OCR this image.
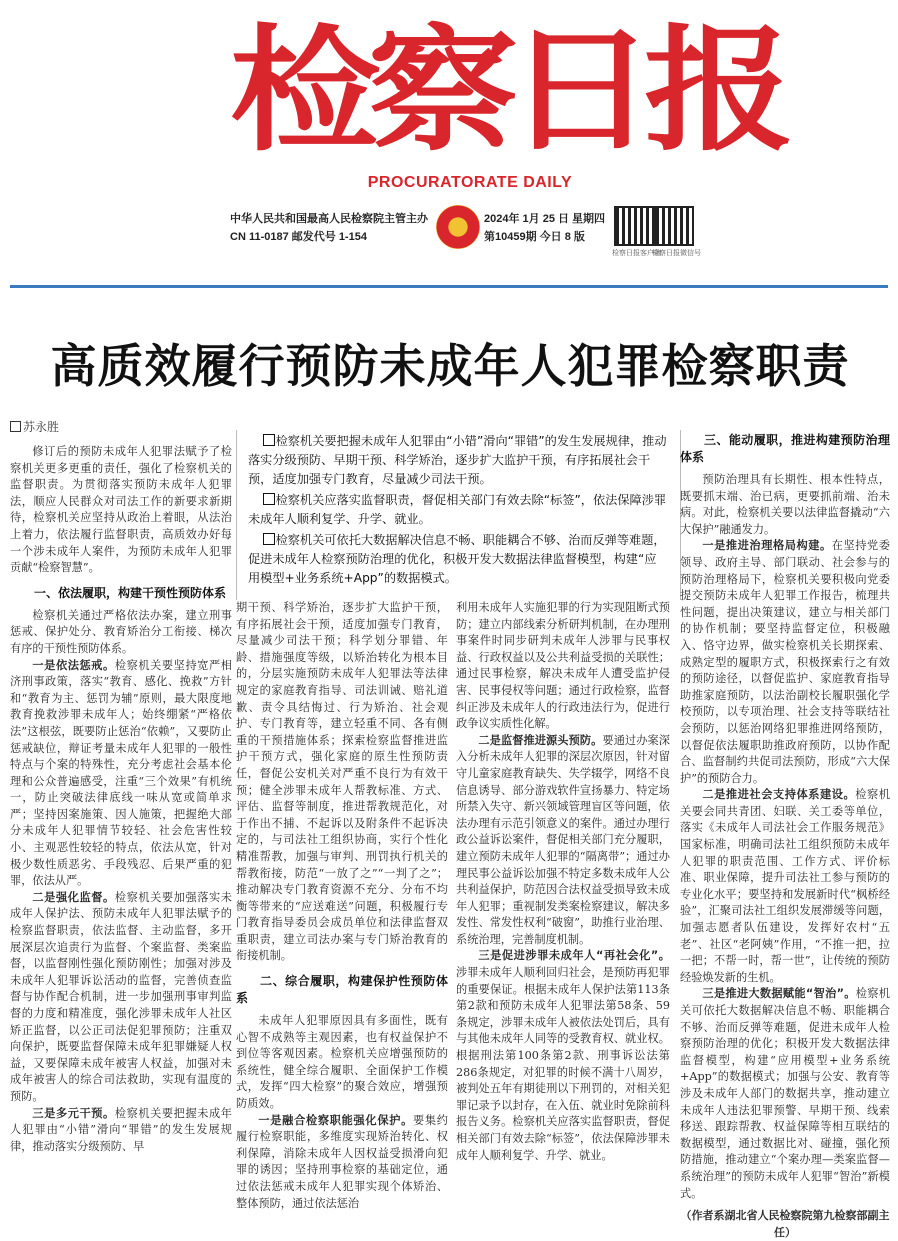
检察日报
PROCURATORATE DAILY
中华人民共和国最高人民检察院主管主办
CN 11-0187 邮发代号 1-154
2024年 1月 25 日 星期四
第10459期 今日 8 版
检察日报客户端
检察日报微信号
高质效履行预防未成年人犯罪检察职责
苏永胜

检察机关要把握未成年人犯罪由“小错”滑向“罪错”的发生发展规律，推动落实分级预防、早期干预、科学矫治，逐步扩大监护干预，有序拓展社会干预，适度加强专门教育，尽量减少司法干预。

检察机关应落实监督职责，督促相关部门有效去除“标签”，依法保障涉罪未成年人顺利复学、升学、就业。

检察机关可依托大数据解决信息不畅、职能耦合不够、治而反弹等难题，促进未成年人检察预防治理的优化，积极开发大数据法律监督模型，构建“应用模型+业务系统+App”的数据模式。

修订后的预防未成年人犯罪法赋予了检察机关更多更重的责任，强化了检察机关的监督职责。为贯彻落实预防未成年人犯罪法，顺应人民群众对司法工作的新要求新期待，检察机关应坚持从政治上着眼，从法治上着力，依法履行监督职责，高质效办好每一个涉未成年人案件，为预防未成年人犯罪贡献“检察智慧”。

一、依法履职，构建干预性预防体系

检察机关通过严格依法办案，建立刑事惩戒、保护处分、教育矫治分工衔接、梯次有序的干预性预防体系。

一是依法惩戒。检察机关要坚持宽严相济刑事政策，落实“教育、感化、挽救”方针和“教育为主、惩罚为辅”原则，最大限度地教育挽救涉罪未成年人；始终绷紧“严格依法”这根弦，既要防止惩治“依赖”，又要防止惩戒缺位，辩证考量未成年人犯罪的一般性特点与个案的特殊性，充分考虑社会基本伦理和公众普遍感受，注重“三个效果”有机统一，防止突破法律底线一味从宽或简单求严；坚持因案施策、因人施策，把握绝大部分未成年人犯罪情节较轻、社会危害性较小、主观恶性较轻的特点，依法从宽，针对极少数性质恶劣、手段残忍、后果严重的犯罪，依法从严。

二是强化监督。检察机关要加强落实未成年人保护法、预防未成年人犯罪法赋予的检察监督职责，依法监督、主动监督，多开展深层次追责行为监督、个案监督、类案监督，以监督刚性强化预防刚性；加强对涉及未成年人犯罪诉讼活动的监督，完善侦查监督与协作配合机制，进一步加强刑事审判监督的力度和精准度，强化涉罪未成年人社区矫正监督，以公正司法促犯罪预防；注重双向保护，既要监督保障未成年犯罪嫌疑人权益，又要保障未成年被害人权益，加强对未成年被害人的综合司法救助，实现有温度的预防。

三是多元干预。检察机关要把握未成年人犯罪由“小错”滑向“罪错”的发生发展规律，推动落实分级预防、早

期干预、科学矫治，逐步扩大监护干预，有序拓展社会干预，适度加强专门教育，尽量减少司法干预；科学划分罪错、年龄、措施强度等级，以矫治转化为根本目的，分层实施预防未成年人犯罪法等法律规定的家庭教育指导、司法训诫、赔礼道歉、责令具结悔过、行为矫治、社会观护、专门教育等，建立轻重不同、各有侧重的干预措施体系；探索检察监督推进监护干预方式，强化家庭的原生性预防责任，督促公安机关对严重不良行为有效干预；健全涉罪未成年人帮教标准、方式、评估、监督等制度，推进帮教规范化，对于作出不捕、不起诉以及附条件不起诉决定的，与司法社工组织协商，实行个性化精准帮教，加强与审判、刑罚执行机关的帮教衔接，防范“一放了之”“一判了之”；推动解决专门教育资源不充分、分布不均衡等带来的“应送难送”问题，积极履行专门教育指导委员会成员单位和法律监督双重职责，建立司法办案与专门矫治教育的衔接机制。

二、综合履职，构建保护性预防体系

未成年人犯罪原因具有多面性，既有心智不成熟等主观因素，也有权益保护不到位等客观因素。检察机关应增强预防的系统性，健全综合履职、全面保护工作模式，发挥“四大检察”的聚合效应，增强预防质效。

一是融合检察职能强化保护。要集约履行检察职能，多维度实现矫治转化、权利保障，消除未成年人因权益受损滑向犯罪的诱因；坚持刑事检察的基础定位，通过依法惩戒未成年人犯罪实现个体矫治、整体预防，通过依法惩治

利用未成年人实施犯罪的行为实现阻断式预防；建立内部线索分析研判机制，在办理刑事案件时同步研判未成年人涉罪与民事权益、行政权益以及公共利益受损的关联性；通过民事检察，解决未成年人遭受监护侵害、民事侵权等问题；通过行政检察，监督纠正涉及未成年人的行政违法行为，促进行政争议实质性化解。

二是监督推进源头预防。要通过办案深入分析未成年人犯罪的深层次原因，针对留守儿童家庭教育缺失、失学辍学，网络不良信息诱导、部分游戏软件宣扬暴力、特定场所禁入失守、新兴领域管理盲区等问题，依法办理有示范引领意义的案件。通过办理行政公益诉讼案件，督促相关部门充分履职，建立预防未成年人犯罪的“隔离带”；通过办理民事公益诉讼加强不特定多数未成年人公共利益保护，防范因合法权益受损导致未成年人犯罪；重视制发类案检察建议，解决多发性、常发性权利“破窗”，助推行业治理、系统治理，完善制度机制。

三是促进涉罪未成年人“再社会化”。涉罪未成年人顺利回归社会，是预防再犯罪的重要保证。根据未成年人保护法第113条第2款和预防未成年人犯罪法第58条、59条规定，涉罪未成年人被依法处罚后，具有与其他未成年人同等的受教育权、就业权。根据刑法第100条第2款、刑事诉讼法第286条规定，对犯罪的时候不满十八周岁，被判处五年有期徒刑以下刑罚的，对相关犯罪记录予以封存，在入伍、就业时免除前科报告义务。检察机关应落实监督职责，督促相关部门有效去除“标签”，依法保障涉罪未成年人顺利复学、升学、就业。

三、能动履职，推进构建预防治理体系

预防治理具有长期性、根本性特点，既要抓末端、治已病，更要抓前端、治未病。对此，检察机关要以法律监督撬动“六大保护”融通发力。

一是推进治理格局构建。在坚持党委领导、政府主导、部门联动、社会参与的预防治理格局下，检察机关要积极向党委提交预防未成年人犯罪工作报告，梳理共性问题，提出决策建议，建立与相关部门的协作机制；要坚持监督定位，积极融入、恪守边界，做实检察机关长期探索、成熟定型的履职方式，积极探索行之有效的预防途径，以督促监护、家庭教育指导助推家庭预防，以法治副校长履职强化学校预防，以专项治理、社会支持等联结社会预防，以惩治网络犯罪推进网络预防，以督促依法履职助推政府预防，以协作配合、监督制约共促司法预防，形成“六大保护”的预防合力。

二是推进社会支持体系建设。检察机关要会同共青团、妇联、关工委等单位，落实《未成年人司法社会工作服务规范》国家标准，明确司法社工组织预防未成年人犯罪的职责范围、工作方式、评价标准、职业保障，提升司法社工参与预防的专业化水平；要坚持和发展新时代“枫桥经验”，汇聚司法社工组织发展滞缓等问题，加强志愿者队伍建设，发挥好农村“五老”、社区“老阿姨”作用，“不推一把，拉一把；不帮一时，帮一世”，让传统的预防经验焕发新的生机。

三是推进大数据赋能“智治”。检察机关可依托大数据解决信息不畅、职能耦合不够、治而反弹等难题，促进未成年人检察预防治理的优化；积极开发大数据法律监督模型，构建“应用模型+业务系统+App”的数据模式；加强与公安、教育等涉及未成年人部门的数据共享，推动建立未成年人违法犯罪预警、早期干预、线索移送、跟踪帮教、权益保障等相互联结的数据模型，通过数据比对、碰撞，强化预防措施，推动建立“个案办理—类案监督—系统治理”的预防未成年人犯罪“智治”新模式。

（作者系湖北省人民检察院第九检察部副主任）
